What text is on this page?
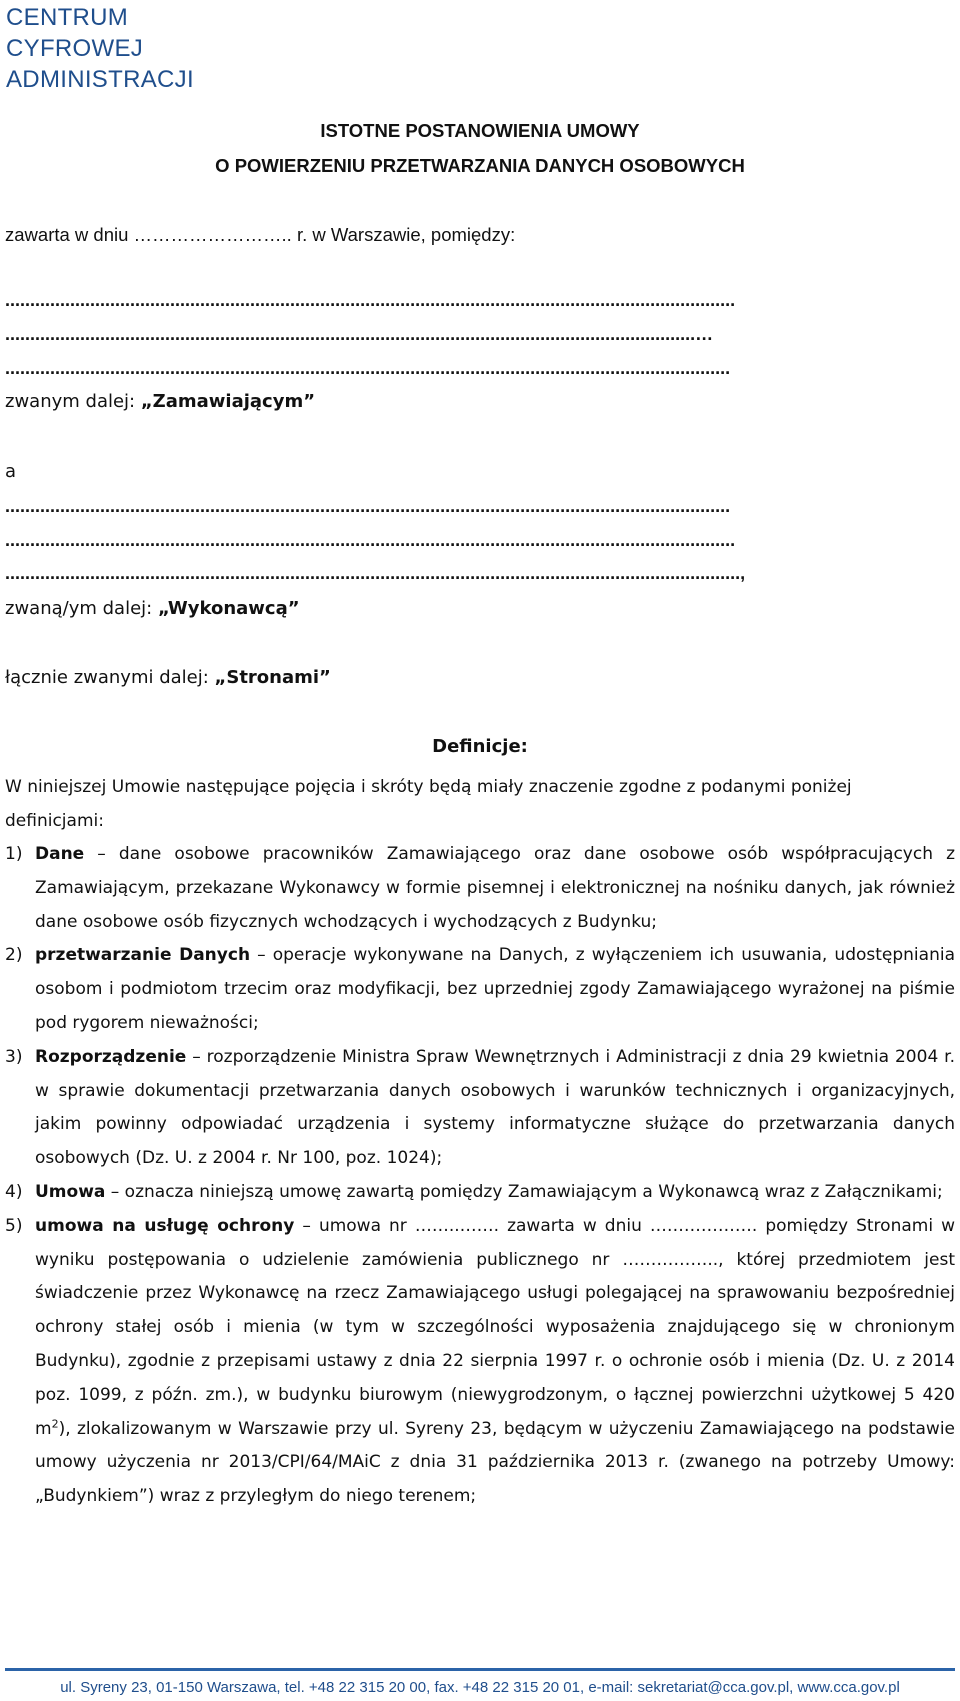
CENTRUM
CYFROWEJ
ADMINISTRACJI
ISTOTNE POSTANOWIENIA UMOWY
O POWIERZENIU PRZETWARZANIA DANYCH OSOBOWYCH
zawarta w dniu …………………….. r. w Warszawie, pomiędzy:
..................................................................................................................................................
..........................................................................................................................................…
.................................................................................................................................................
zwanym dalej: „Zamawiającym”
a
.................................................................................................................................................
..................................................................................................................................................
...................................................................................................................................................,
zwaną/ym dalej: „Wykonawcą”
łącznie zwanymi dalej: „Stronami”
Definicje:
W niniejszej Umowie następujące pojęcia i skróty będą miały znaczenie zgodne z podanymi poniżej definicjami:
1) Dane – dane osobowe pracowników Zamawiającego oraz dane osobowe osób współpracujących z Zamawiającym, przekazane Wykonawcy w formie pisemnej i elektronicznej na nośniku danych, jak również dane osobowe osób fizycznych wchodzących i wychodzących z Budynku;
2) przetwarzanie Danych – operacje wykonywane na Danych, z wyłączeniem ich usuwania, udostępniania osobom i podmiotom trzecim oraz modyfikacji, bez uprzedniej zgody Zamawiającego wyrażonej na piśmie pod rygorem nieważności;
3) Rozporządzenie – rozporządzenie Ministra Spraw Wewnętrznych i Administracji z dnia 29 kwietnia 2004 r. w sprawie dokumentacji przetwarzania danych osobowych i warunków technicznych i organizacyjnych, jakim powinny odpowiadać urządzenia i systemy informatyczne służące do przetwarzania danych osobowych (Dz. U. z 2004 r. Nr 100, poz. 1024);
4) Umowa – oznacza niniejszą umowę zawartą pomiędzy Zamawiającym a Wykonawcą wraz z Załącznikami;
5) umowa na usługę ochrony – umowa nr ……..……. zawarta w dniu ………………. pomiędzy Stronami w wyniku postępowania o udzielenie zamówienia publicznego nr …………….., której przedmiotem jest świadczenie przez Wykonawcę na rzecz Zamawiającego usługi polegającej na sprawowaniu bezpośredniej ochrony stałej osób i mienia (w tym w szczególności wyposażenia znajdującego się w chronionym Budynku), zgodnie z przepisami ustawy z dnia 22 sierpnia 1997 r. o ochronie osób i mienia (Dz. U. z 2014 poz. 1099, z późn. zm.), w budynku biurowym (niewygrodzonym, o łącznej powierzchni użytkowej 5 420 $m^2$), zlokalizowanym w Warszawie przy ul. Syreny 23, będącym w użyczeniu Zamawiającego na podstawie umowy użyczenia nr 2013/CPI/64/MAiC z dnia 31 października 2013 r. (zwanego na potrzeby Umowy: „Budynkiem”) wraz z przyległym do niego terenem;
ul. Syreny 23, 01-150 Warszawa, tel. +48 22 315 20 00, fax. +48 22 315 20 01, e-mail: sekretariat@cca.gov.pl, www.cca.gov.pl
